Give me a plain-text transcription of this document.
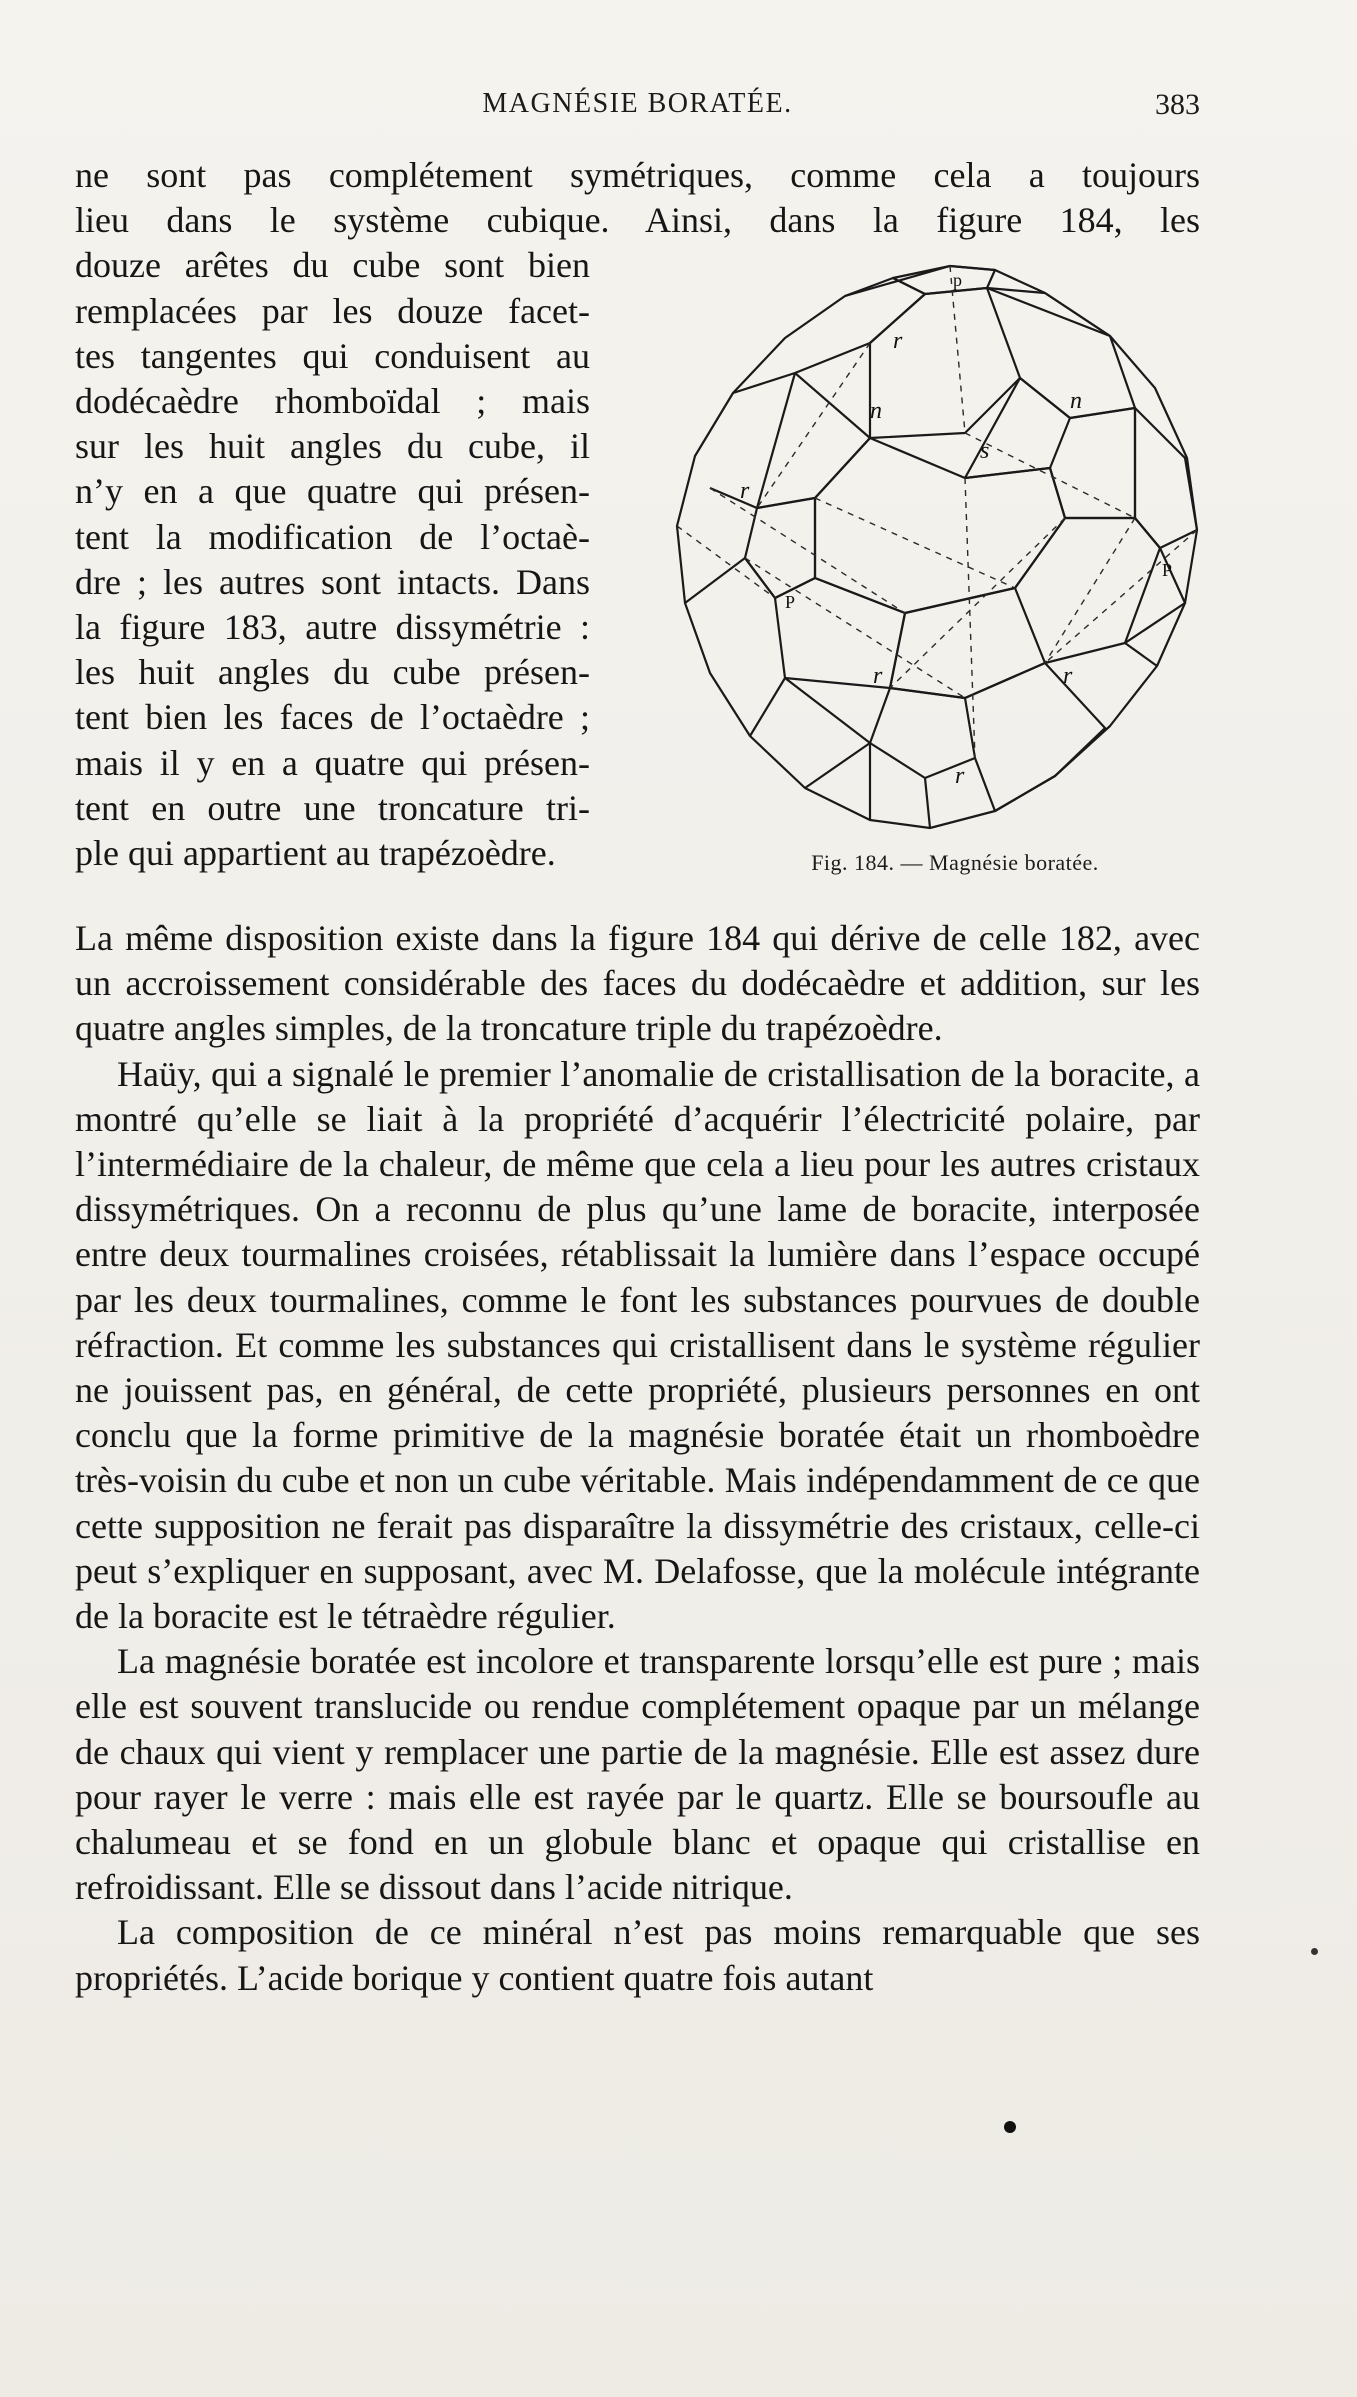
MAGNÉSIE BORATÉE.	383
ne sont pas complétement symétriques, comme cela a toujours
lieu dans le système cubique. Ainsi, dans la figure 184, les
douze arêtes du cube sont bien
remplacées par les douze facet-
tes tangentes qui conduisent au
dodécaèdre rhomboïdal ; mais
sur les huit angles du cube, il
n’y en a que quatre qui présen-
tent la modification de l’octaè-
dre ; les autres sont intacts. Dans
la figure 183, autre dissymétrie :
les huit angles du cube présen-
tent bien les faces de l’octaèdre ;
mais il y en a quatre qui présen-
tent en outre une troncature tri-
ple qui appartient au trapézoèdre.
p
r
n	n
s
r
P
P
r	r
r
Fig. 184. — Magnésie boratée.

La même disposition existe dans la figure 184 qui dérive de celle 182, avec un accroissement considérable des faces du dodécaèdre et addition, sur les quatre angles simples, de la troncature triple du trapézoèdre.

Haüy, qui a signalé le premier l’anomalie de cristallisation de la boracite, a montré qu’elle se liait à la propriété d’acquérir l’électricité polaire, par l’intermédiaire de la chaleur, de même que cela a lieu pour les autres cristaux dissymétriques. On a reconnu de plus qu’une lame de boracite, interposée entre deux tourmalines croisées, rétablissait la lumière dans l’espace occupé par les deux tourmalines, comme le font les substances pourvues de double réfraction. Et comme les substances qui cristallisent dans le système régulier ne jouissent pas, en général, de cette propriété, plusieurs personnes en ont conclu que la forme primitive de la magnésie boratée était un rhomboèdre très-voisin du cube et non un cube véritable. Mais indépendamment de ce que cette supposition ne ferait pas disparaître la dissymétrie des cristaux, celle-ci peut s’expliquer en supposant, avec M. Delafosse, que la molécule intégrante de la boracite est le tétraèdre régulier.

La magnésie boratée est incolore et transparente lorsqu’elle est pure ; mais elle est souvent translucide ou rendue complétement opaque par un mélange de chaux qui vient y remplacer une partie de la magnésie. Elle est assez dure pour rayer le verre : mais elle est rayée par le quartz. Elle se boursoufle au chalumeau et se fond en un globule blanc et opaque qui cristallise en refroidissant. Elle se dissout dans l’acide nitrique.

La composition de ce minéral n’est pas moins remarquable que ses propriétés. L’acide borique y contient quatre fois autant
